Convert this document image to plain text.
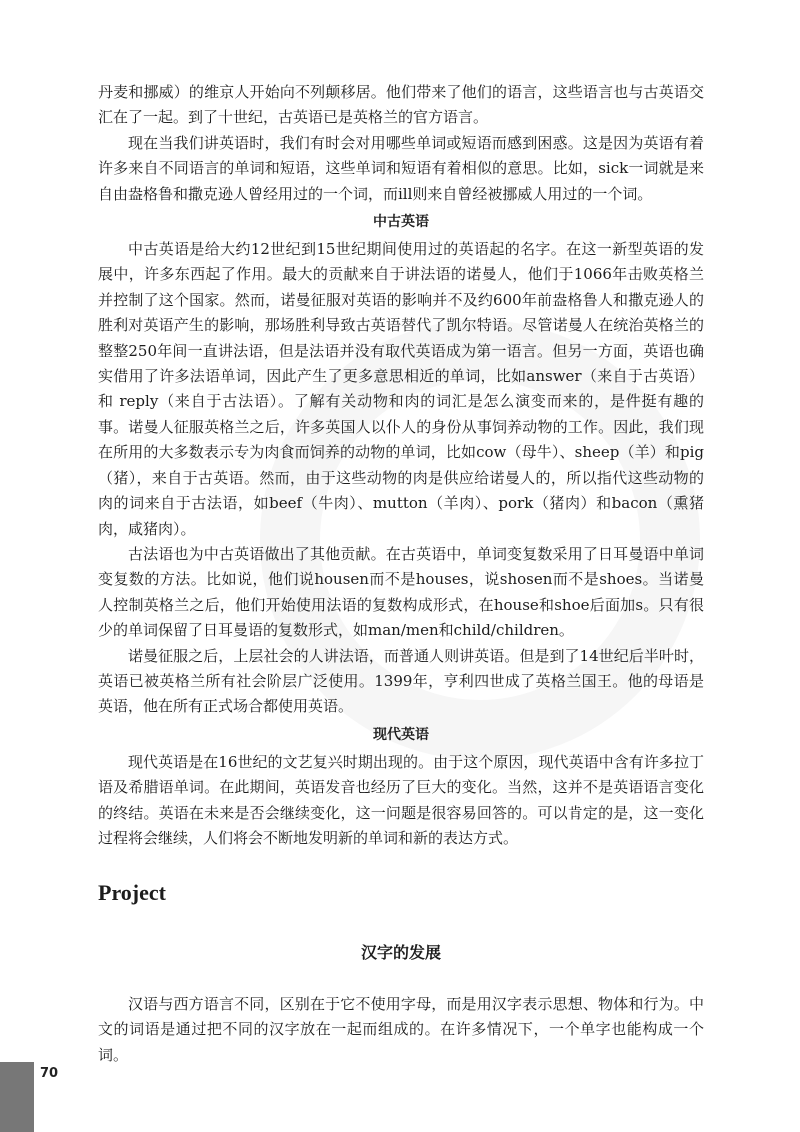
丹麦和挪威）的维京人开始向不列颠移居。他们带来了他们的语言，这些语言也与古英语交汇在了一起。到了十世纪，古英语已是英格兰的官方语言。

现在当我们讲英语时，我们有时会对用哪些单词或短语而感到困惑。这是因为英语有着许多来自不同语言的单词和短语，这些单词和短语有着相似的意思。比如，sick一词就是来自由盎格鲁和撒克逊人曾经用过的一个词，而ill则来自曾经被挪威人用过的一个词。

中古英语

中古英语是给大约12世纪到15世纪期间使用过的英语起的名字。在这一新型英语的发展中，许多东西起了作用。最大的贡献来自于讲法语的诺曼人，他们于1066年击败英格兰并控制了这个国家。然而，诺曼征服对英语的影响并不及约600年前盎格鲁人和撒克逊人的胜利对英语产生的影响，那场胜利导致古英语替代了凯尔特语。尽管诺曼人在统治英格兰的整整250年间一直讲法语，但是法语并没有取代英语成为第一语言。但另一方面，英语也确实借用了许多法语单词，因此产生了更多意思相近的单词，比如answer（来自于古英语）和 reply（来自于古法语）。了解有关动物和肉的词汇是怎么演变而来的，是件挺有趣的事。诺曼人征服英格兰之后，许多英国人以仆人的身份从事饲养动物的工作。因此，我们现在所用的大多数表示专为肉食而饲养的动物的单词，比如cow（母牛）、sheep（羊）和pig（猪），来自于古英语。然而，由于这些动物的肉是供应给诺曼人的，所以指代这些动物的肉的词来自于古法语，如beef（牛肉）、mutton（羊肉）、pork（猪肉）和bacon（熏猪肉，咸猪肉）。

古法语也为中古英语做出了其他贡献。在古英语中，单词变复数采用了日耳曼语中单词变复数的方法。比如说，他们说housen而不是houses，说shosen而不是shoes。当诺曼人控制英格兰之后，他们开始使用法语的复数构成形式，在house和shoe后面加s。只有很少的单词保留了日耳曼语的复数形式，如man/men和child/children。

诺曼征服之后，上层社会的人讲法语，而普通人则讲英语。但是到了14世纪后半叶时，英语已被英格兰所有社会阶层广泛使用。1399年，亨利四世成了英格兰国王。他的母语是英语，他在所有正式场合都使用英语。

现代英语

现代英语是在16世纪的文艺复兴时期出现的。由于这个原因，现代英语中含有许多拉丁语及希腊语单词。在此期间，英语发音也经历了巨大的变化。当然，这并不是英语语言变化的终结。英语在未来是否会继续变化，这一问题是很容易回答的。可以肯定的是，这一变化过程将会继续，人们将会不断地发明新的单词和新的表达方式。

Project
汉字的发展

汉语与西方语言不同，区别在于它不使用字母，而是用汉字表示思想、物体和行为。中文的词语是通过把不同的汉字放在一起而组成的。在许多情况下，一个单字也能构成一个词。

70
